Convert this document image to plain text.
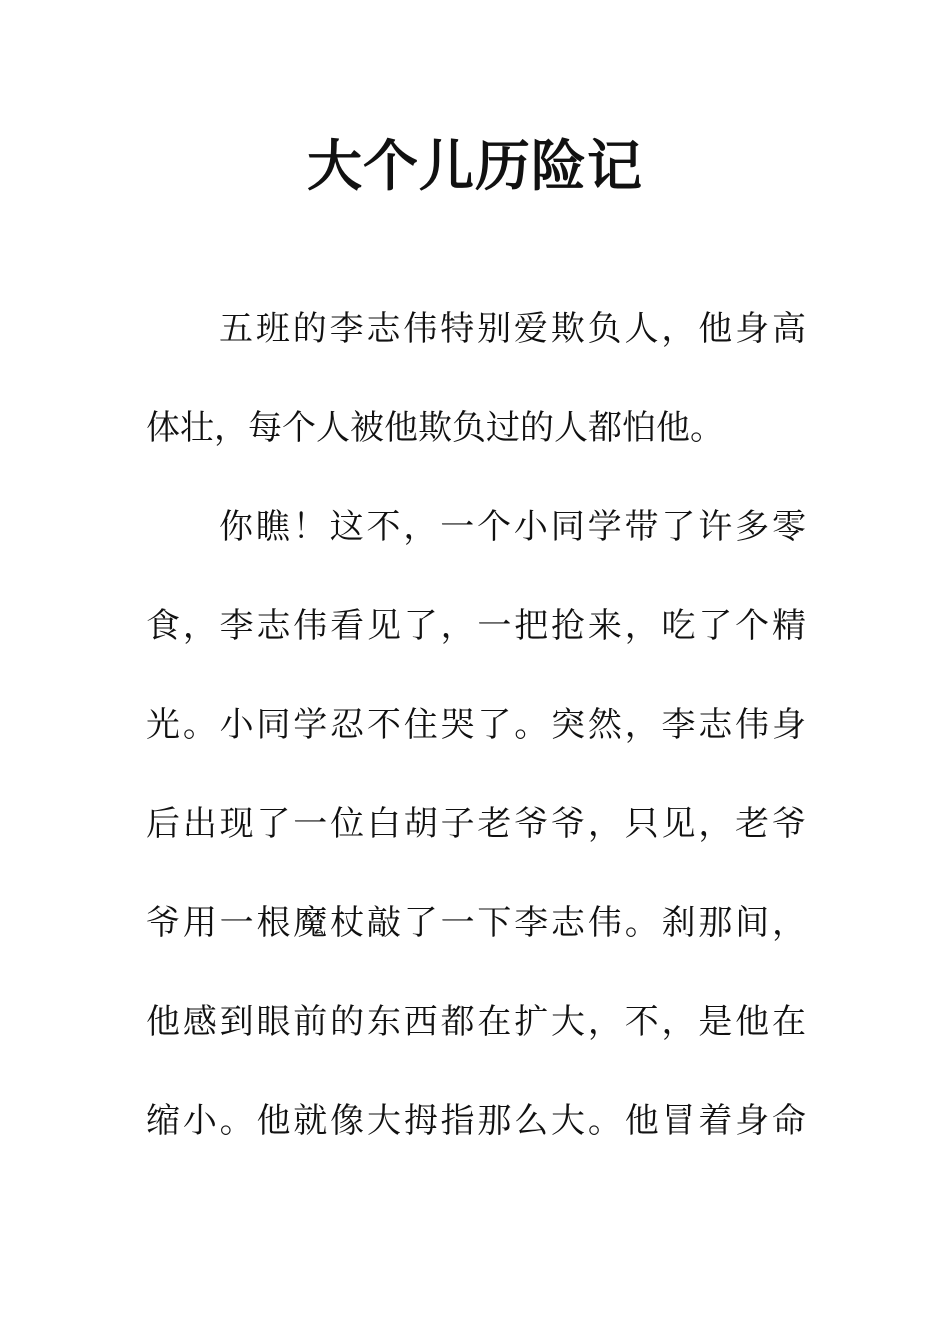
大个儿历险记
五班的李志伟特别爱欺负人，他身高
体壮，每个人被他欺负过的人都怕他。
你瞧！这不，一个小同学带了许多零
食，李志伟看见了，一把抢来，吃了个精
光。小同学忍不住哭了。突然，李志伟身
后出现了一位白胡子老爷爷，只见，老爷
爷用一根魔杖敲了一下李志伟。刹那间，
他感到眼前的东西都在扩大，不，是他在
缩小。他就像大拇指那么大。他冒着身命
